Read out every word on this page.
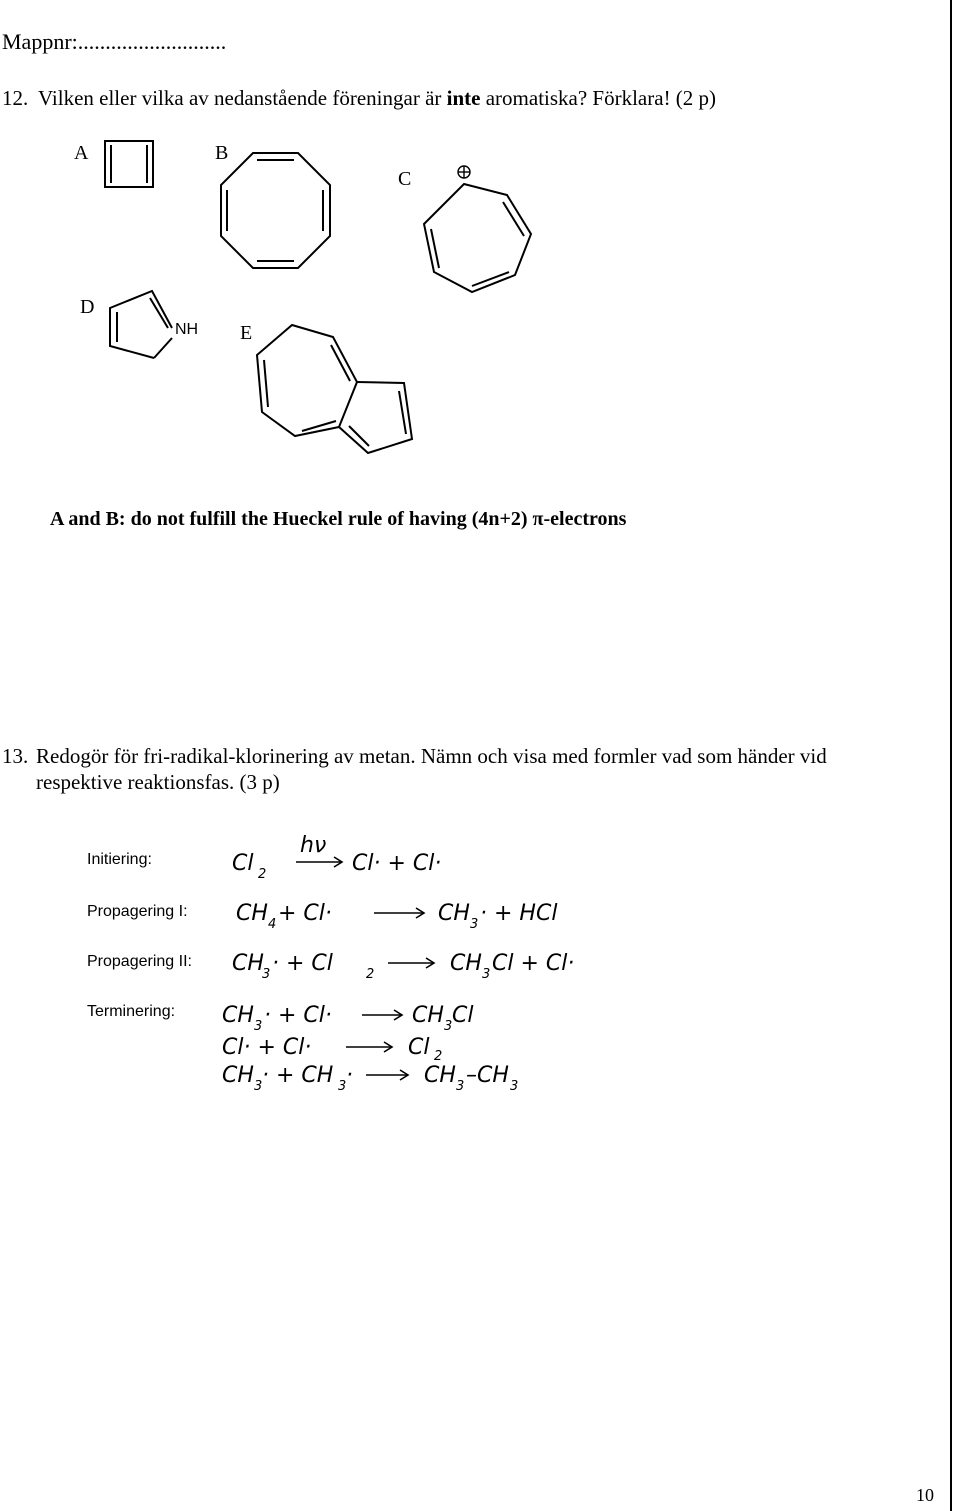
Mappnr:...........................
12. Vilken eller vilka av nedanstående föreningar är inte aromatiska? Förklara! (2 p)
A	B
C
D
E
NH
A and B: do not fulfill the Hueckel rule of having (4n+2) π-electrons
13. Redogör för fri-radikal-klorinering av metan. Nämn och visa med formler vad som händer vid
respektive reaktionsfas. (3 p)
Initiering:
Propagering I:
Propagering II:
Terminering:
hν
Cl 2	Cl· + Cl·
CH 4 + Cl·	CH 3 · + HCl
CH
3 · + Cl	2	CH 3 Cl + Cl·
CH 3 · + Cl·	CH 3 Cl
Cl· + Cl·	Cl 2
CH 3 · + CH 3 ·	CH 3 –CH 3
10
